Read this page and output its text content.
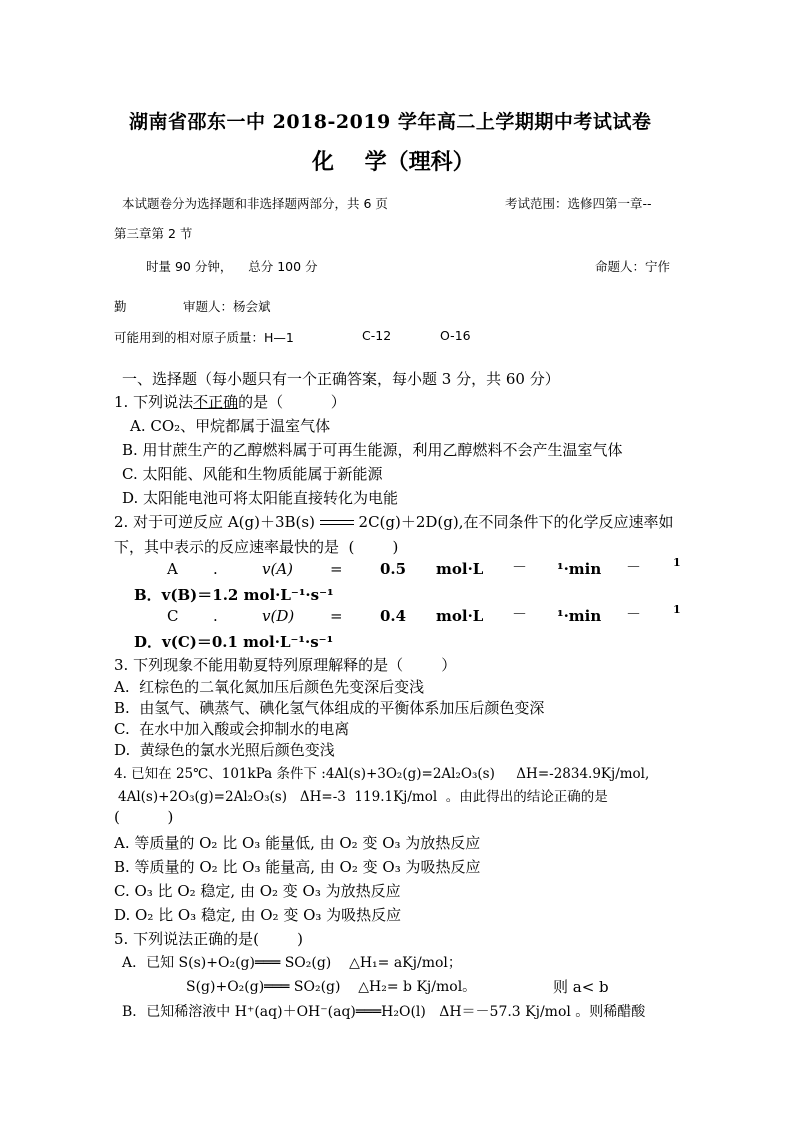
湖南省邵东一中 2018-2019 学年高二上学期期中考试试卷
化    学（理科）
本试题卷分为选择题和非选择题两部分，共 6 页	考试范围：选修四第一章--
第三章第 2 节
时量 90 分钟，    总分 100 分	命题人：宁作
勤	审题人：杨会斌
可能用到的相对原子质量：H—1	C-12	O-16
一、选择题（每小题只有一个正确答案，每小题 3 分，共 60 分）
1. 下列说法不正确的是（          ）
A. CO₂、甲烷都属于温室气体
B. 用甘蔗生产的乙醇燃料属于可再生能源，利用乙醇燃料不会产生温室气体
C. 太阳能、风能和生物质能属于新能源
D. 太阳能电池可将太阳能直接转化为电能
2. 对于可逆反应 A(g)＋3B(s)	2C(g)＋2D(g),在不同条件下的化学反应速率如
下，其中表示的反应速率最快的是  (        )
A .	v(A) = 0.5 mol·L － ¹·min －	1
B．v(B)＝1.2 mol·L⁻¹·s⁻¹
C .	v(D) = 0.4 mol·L － ¹·min －	1
D．v(C)＝0.1 mol·L⁻¹·s⁻¹
3. 下列现象不能用勒夏特列原理解释的是（        ）
A.  红棕色的二氧化氮加压后颜色先变深后变浅
B.  由氢气、碘蒸气、碘化氢气体组成的平衡体系加压后颜色变深
C.  在水中加入酸或会抑制水的电离
D.  黄绿色的氯水光照后颜色变浅
4. 已知在 25℃、101kPa 条件下 :4Al(s)+3O₂(g)=2Al₂O₃(s)     ΔH=-2834.9Kj/mol,
4Al(s)+2O₃(g)=2Al₂O₃(s)   ΔH=-3  119.1Kj/mol  。由此得出的结论正确的是
(          )
A. 等质量的 O₂ 比 O₃ 能量低, 由 O₂ 变 O₃ 为放热反应
B. 等质量的 O₂ 比 O₃ 能量高, 由 O₂ 变 O₃ 为吸热反应
C. O₃ 比 O₂ 稳定, 由 O₂ 变 O₃ 为放热反应
D. O₂ 比 O₃ 稳定, 由 O₂ 变 O₃ 为吸热反应
5. 下列说法正确的是(        )
A．已知 S(s)+O₂(g)═══ SO₂(g)    △H₁= aKj/mol；
S(g)+O₂(g)═══ SO₂(g)    △H₂= b Kj/mol。	则 a< b
B．已知稀溶液中 H⁺(aq)＋OH⁻(aq)═══H₂O(l)   ΔH＝－57.3 Kj/mol 。则稀醋酸
